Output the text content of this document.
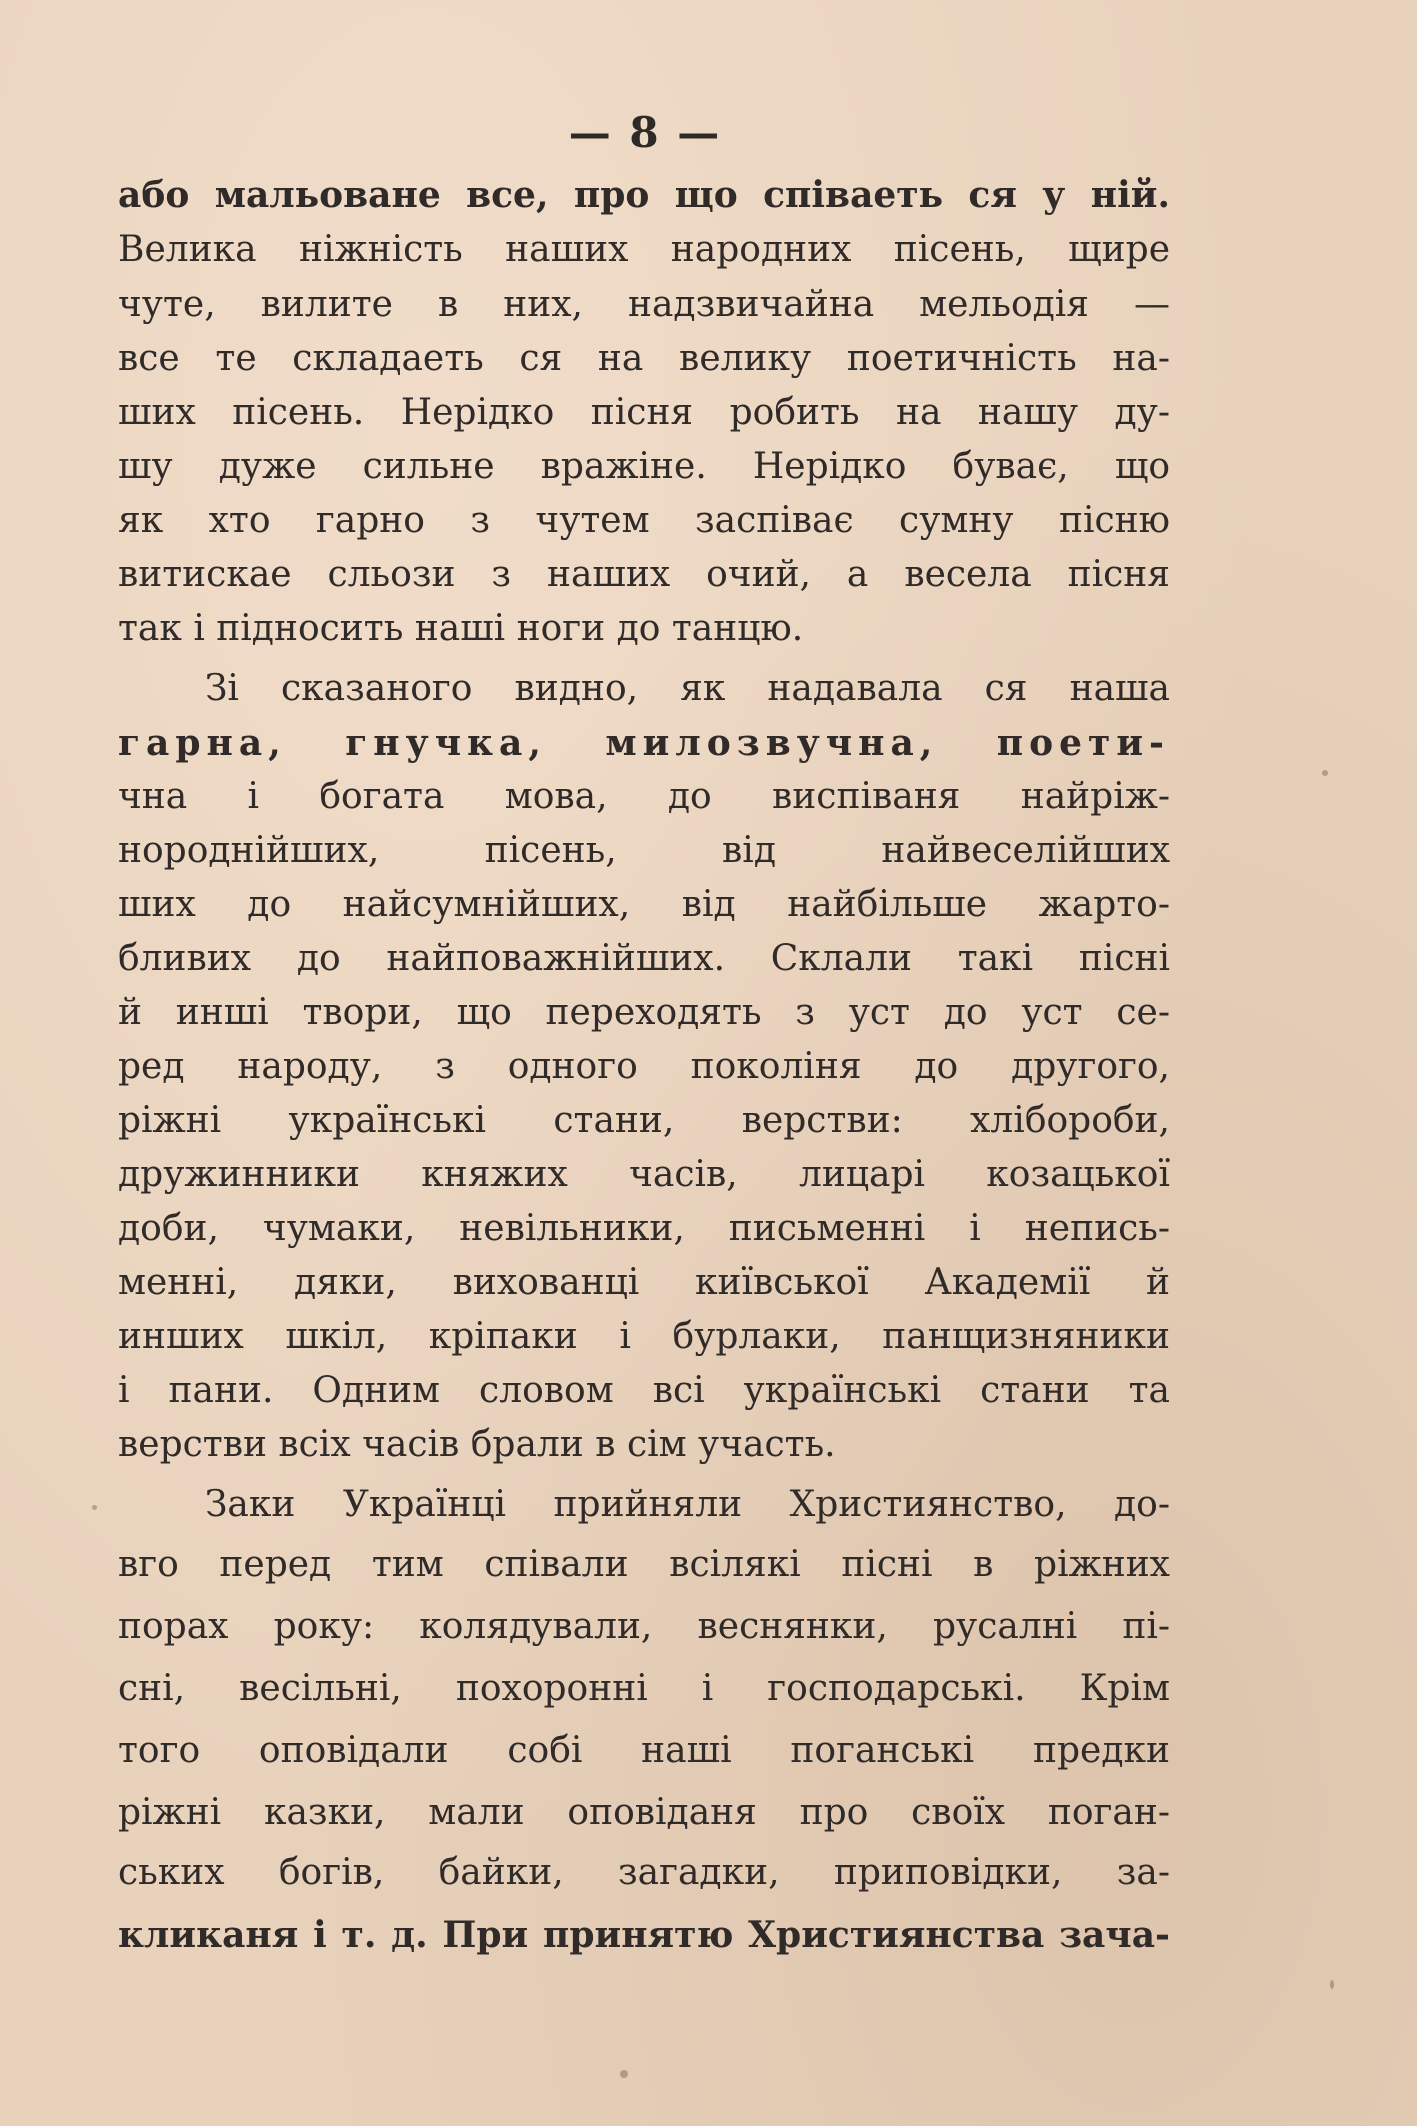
— 8 —
або мальоване все, про що співаеть ся у ній.
Велика ніжність наших народних пісень, щире
чуте, вилите в них, надзвичайна мельодія —
все те складаеть ся на велику поетичність на-
ших пісень. Нерідко пісня робить на нашу ду-
шу дуже сильне вражіне. Нерідко буває, що
як хто гарно з чутем заспіває сумну пісню
витискае сльози з наших очий, а весела пісня
так і підносить наші ноги до танцю.
Зі сказаного видно, як надавала ся наша
гарна, гнучка, милозвучна, поети-
чна і богата мова, до виспіваня найріж-
нороднійших, пісень, від найвеселійших
ших до найсумнійших, від найбільше жарто-
бливих до найповажнійших. Склали такі пісні
й инші твори, що переходять з уст до уст се-
ред народу, з одного поколіня до другого,
ріжні українські стани, верстви: хлібороби,
дружинники княжих часів, лицарі козацької
доби, чумаки, невільники, письменні і непись-
менні, дяки, вихованці київської Академії й
инших шкіл, кріпаки і бурлаки, панщизняники
і пани. Одним словом всі українські стани та
верстви всіх часів брали в сім участь.
Заки Українці прийняли Християнство, до-
вго перед тим співали всілякі пісні в ріжних
порах року: колядували, веснянки, русалні пі-
сні, весільні, похоронні і господарські. Крім
того оповідали собі наші поганські предки
ріжні казки, мали оповіданя про своїх поган-
ських богів, байки, загадки, приповідки, за-
кликаня і т. д. При принятю Християнства зача-
